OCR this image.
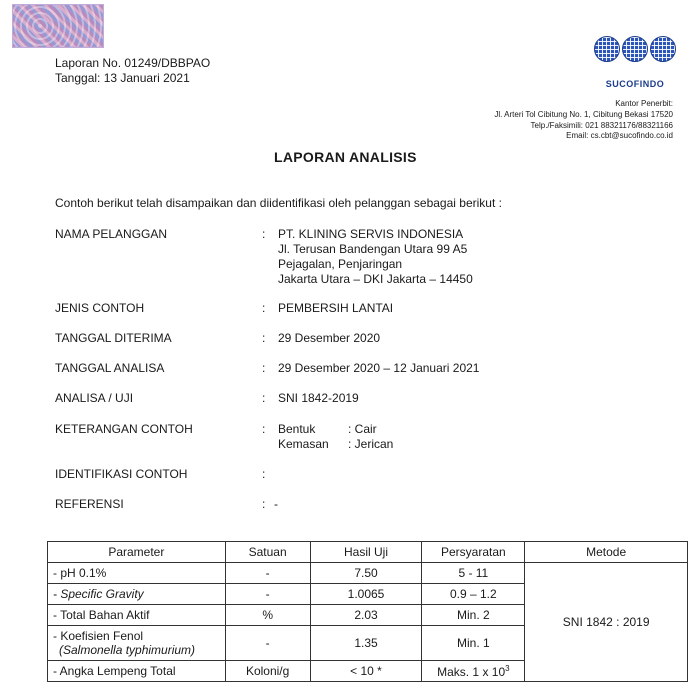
Laporan No. 01249/DBBPAO
Tanggal: 13 Januari 2021	SUCOFINDO
Kantor Penerbit:
Jl. Arteri Tol Cibitung No. 1, Cibitung Bekasi 17520
Telp./Faksimili: 021 88321176/88321166
Email: cs.cbt@sucofindo.co.id
LAPORAN ANALISIS
Contoh berikut telah disampaikan dan diidentifikasi oleh pelanggan sebagai berikut :
NAMA PELANGGAN	: PT. KLINING SERVIS INDONESIA
Jl. Terusan Bandengan Utara 99 A5
Pejagalan, Penjaringan
Jakarta Utara – DKI Jakarta – 14450
JENIS CONTOH	: PEMBERSIH LANTAI
TANGGAL DITERIMA	: 29 Desember 2020
TANGGAL ANALISA	: 29 Desember 2020 – 12 Januari 2021
ANALISA / UJI	: SNI 1842-2019
KETERANGAN CONTOH	: Bentuk	: Cair
Kemasan : Jerican
IDENTIFIKASI CONTOH	:
REFERENSI	: -
Parameter	Satuan	Hasil Uji	Persyaratan	Metode
- pH 0.1%	-	7.50	5 - 11	SNI 1842 : 2019
- Specific Gravity	-	1.0065	0.9 – 1.2	
- Total Bahan Aktif	%	2.03	Min. 2	

- Koefisien Fenol
(Salmonella typhimurium)	-	1.35	Min. 1	
- Angka Lempeng Total	Koloni/g	< 10 *	Maks. 1 x $10^3$
